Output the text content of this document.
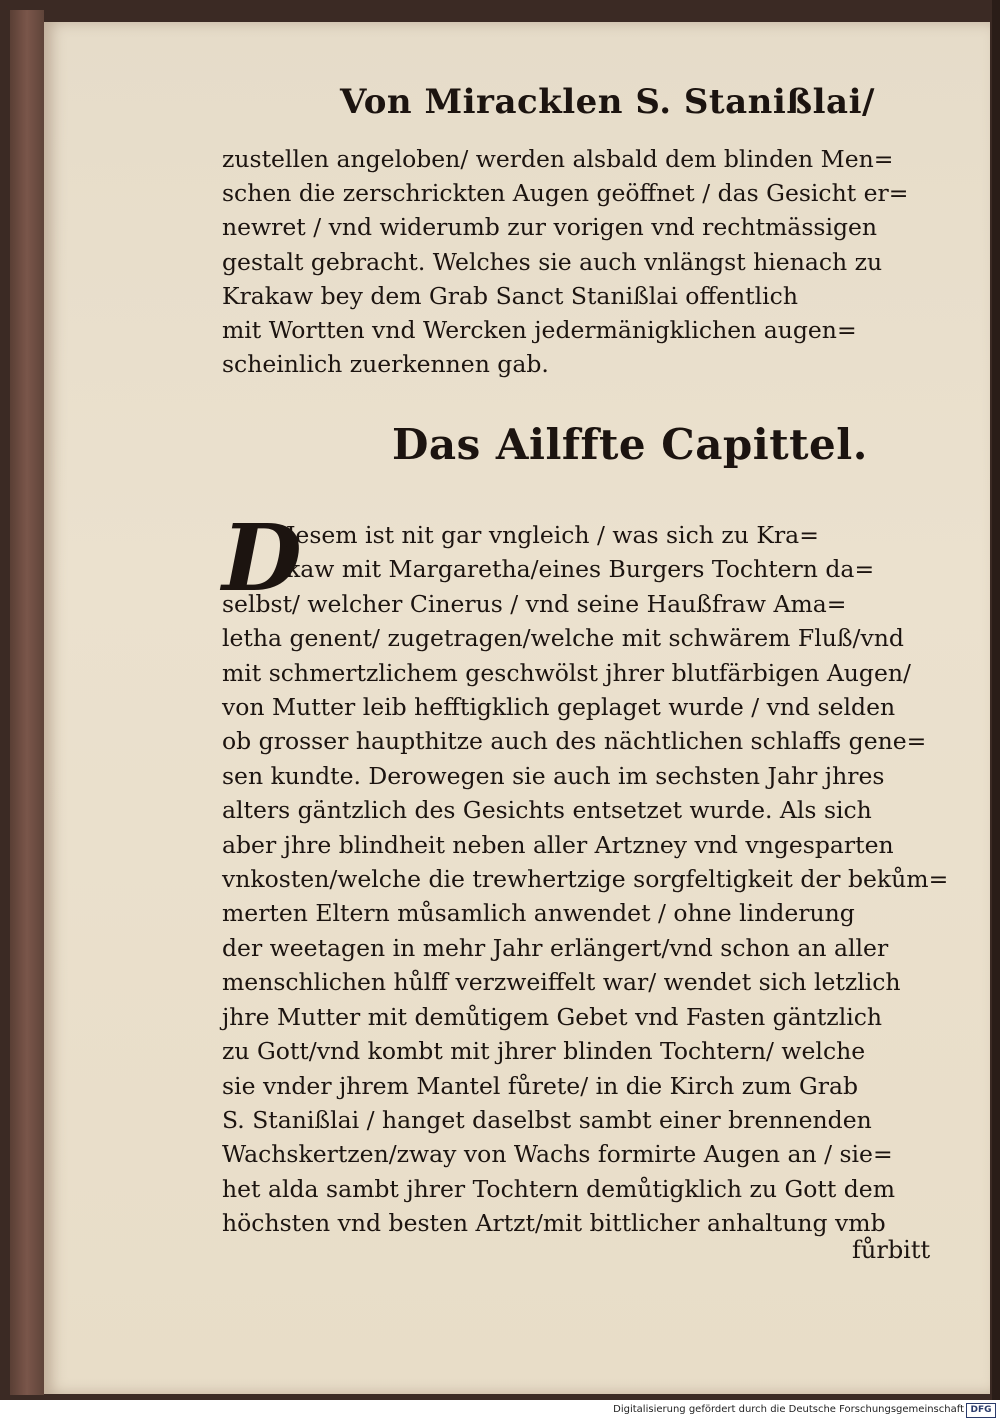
Von Miracklen S. Stanißlai/
zustellen angeloben/ werden alsbald dem blinden Men=
schen die zerschrickten Augen geöffnet / das Gesicht er=
newret / vnd widerumb zur vorigen vnd rechtmässigen
gestalt gebracht. Welches sie auch vnlängst hienach zu
Krakaw bey dem Grab Sanct Stanißlai offentlich
mit Wortten vnd Wercken jedermänigklichen augen=
scheinlich zuerkennen gab.
Das Ailffte Capittel.
D
Jesem ist nit gar vngleich / was sich zu Kra=
kaw mit Margaretha/eines Burgers Tochtern da=
selbst/ welcher Cinerus / vnd seine Haußfraw Ama=
letha genent/ zugetragen/welche mit schwärem Fluß/vnd
mit schmertzlichem geschwölst jhrer blutfärbigen Augen/
von Mutter leib hefftigklich geplaget wurde / vnd selden
ob grosser haupthitze auch des nächtlichen schlaffs gene=
sen kundte. Derowegen sie auch im sechsten Jahr jhres
alters gäntzlich des Gesichts entsetzet wurde. Als sich
aber jhre blindheit neben aller Artzney vnd vngesparten
vnkosten/welche die trewhertzige sorgfeltigkeit der bekům=
merten Eltern můsamlich anwendet / ohne linderung
der weetagen in mehr Jahr erlängert/vnd schon an aller
menschlichen hůlff verzweiffelt war/ wendet sich letzlich
jhre Mutter mit demůtigem Gebet vnd Fasten gäntzlich
zu Gott/vnd kombt mit jhrer blinden Tochtern/ welche
sie vnder jhrem Mantel fůrete/ in die Kirch zum Grab
S. Stanißlai / hanget daselbst sambt einer brennenden
Wachskertzen/zway von Wachs formirte Augen an / sie=
het alda sambt jhrer Tochtern demůtigklich zu Gott dem
höchsten vnd besten Artzt/mit bittlicher anhaltung vmb
fůrbitt
Digitalisierung gefördert durch die Deutsche Forschungsgemeinschaft DFG
